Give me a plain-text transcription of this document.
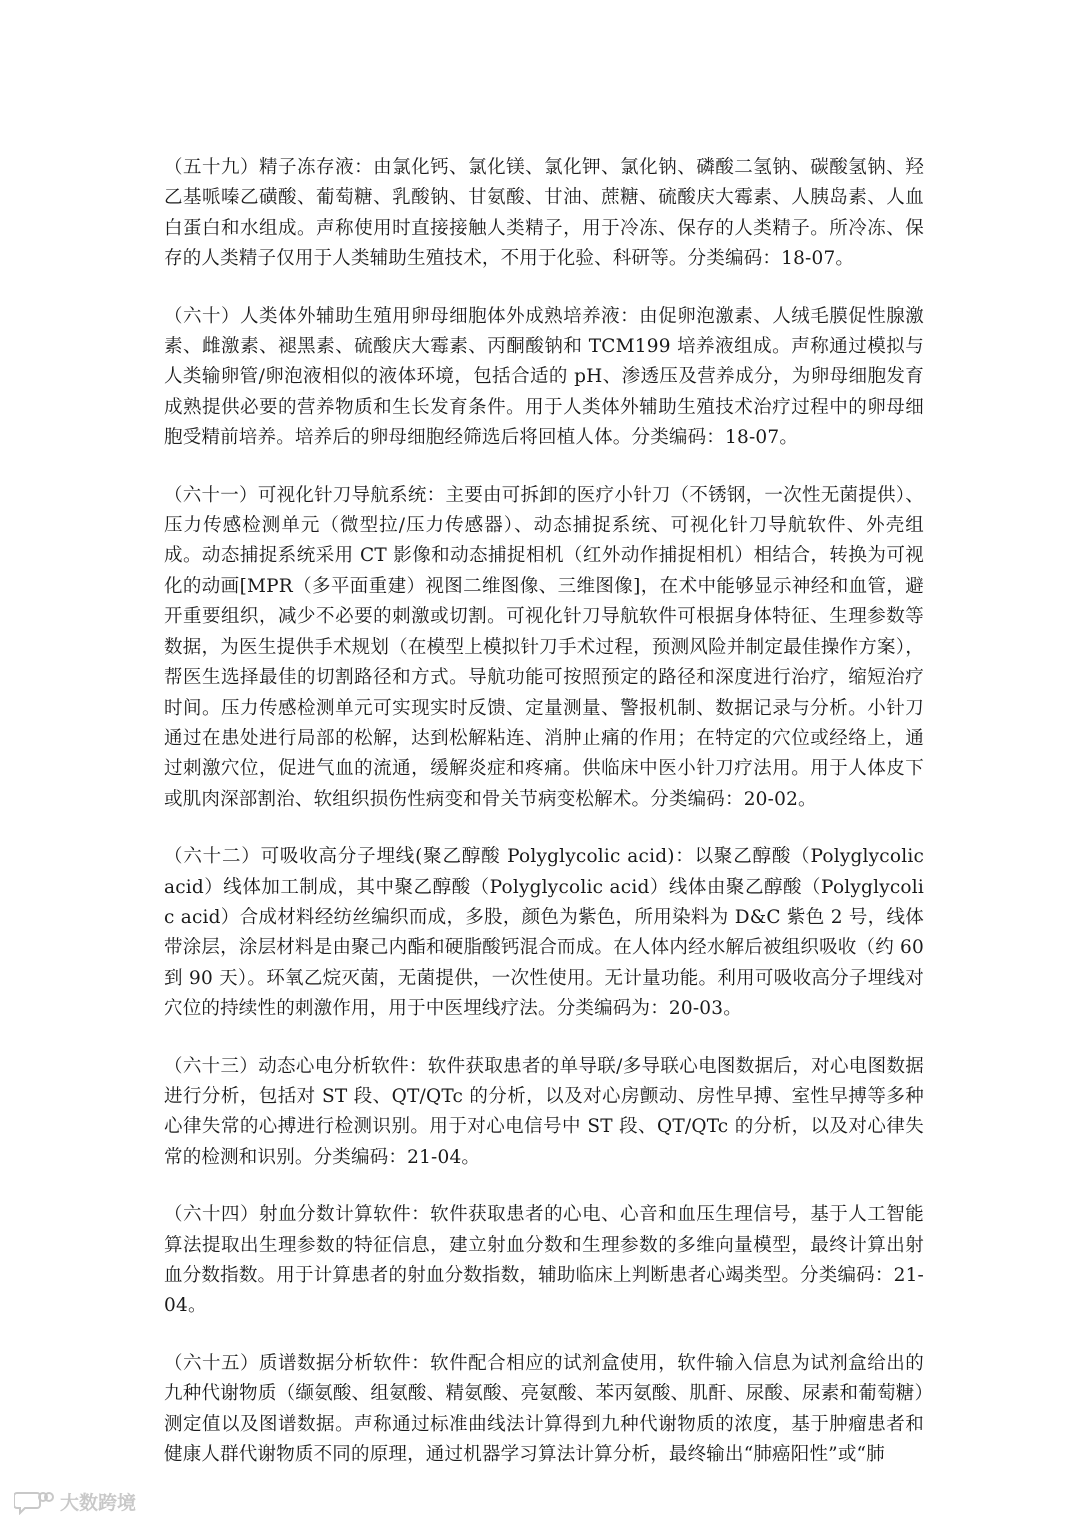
（五十九）精子冻存液：由氯化钙、氯化镁、氯化钾、氯化钠、磷酸二氢钠、碳酸氢钠、羟乙基哌嗪乙磺酸、葡萄糖、乳酸钠、甘氨酸、甘油、蔗糖、硫酸庆大霉素、人胰岛素、人血白蛋白和水组成。声称使用时直接接触人类精子，用于冷冻、保存的人类精子。所冷冻、保存的人类精子仅用于人类辅助生殖技术，不用于化验、科研等。分类编码：18-07。

（六十）人类体外辅助生殖用卵母细胞体外成熟培养液：由促卵泡激素、人绒毛膜促性腺激素、雌激素、褪黑素、硫酸庆大霉素、丙酮酸钠和 TCM199 培养液组成。声称通过模拟与人类输卵管/卵泡液相似的液体环境，包括合适的 pH、渗透压及营养成分，为卵母细胞发育成熟提供必要的营养物质和生长发育条件。用于人类体外辅助生殖技术治疗过程中的卵母细胞受精前培养。培养后的卵母细胞经筛选后将回植人体。分类编码：18-07。

（六十一）可视化针刀导航系统：主要由可拆卸的医疗小针刀（不锈钢，一次性无菌提供）、压力传感检测单元（微型拉/压力传感器）、动态捕捉系统、可视化针刀导航软件、外壳组成。动态捕捉系统采用 CT 影像和动态捕捉相机（红外动作捕捉相机）相结合，转换为可视化的动画[MPR（多平面重建）视图二维图像、三维图像]，在术中能够显示神经和血管，避开重要组织，减少不必要的刺激或切割。可视化针刀导航软件可根据身体特征、生理参数等数据，为医生提供手术规划（在模型上模拟针刀手术过程，预测风险并制定最佳操作方案），帮医生选择最佳的切割路径和方式。导航功能可按照预定的路径和深度进行治疗，缩短治疗时间。压力传感检测单元可实现实时反馈、定量测量、警报机制、数据记录与分析。小针刀通过在患处进行局部的松解，达到松解粘连、消肿止痛的作用；在特定的穴位或经络上，通过刺激穴位，促进气血的流通，缓解炎症和疼痛。供临床中医小针刀疗法用。用于人体皮下或肌肉深部割治、软组织损伤性病变和骨关节病变松解术。分类编码：20-02。

（六十二）可吸收高分子埋线(聚乙醇酸 Polyglycolic acid)：以聚乙醇酸（Polyglycolic acid）线体加工制成，其中聚乙醇酸（Polyglycolic acid）线体由聚乙醇酸（Polyglycolic acid）合成材料经纺丝编织而成，多股，颜色为紫色，所用染料为 D&C 紫色 2 号，线体带涂层，涂层材料是由聚己内酯和硬脂酸钙混合而成。在人体内经水解后被组织吸收（约 60 到 90 天）。环氧乙烷灭菌，无菌提供，一次性使用。无计量功能。利用可吸收高分子埋线对穴位的持续性的刺激作用，用于中医埋线疗法。分类编码为：20-03。

（六十三）动态心电分析软件：软件获取患者的单导联/多导联心电图数据后，对心电图数据进行分析，包括对 ST 段、QT/QTc 的分析，以及对心房颤动、房性早搏、室性早搏等多种心律失常的心搏进行检测识别。用于对心电信号中 ST 段、QT/QTc 的分析，以及对心律失常的检测和识别。分类编码：21-04。

（六十四）射血分数计算软件：软件获取患者的心电、心音和血压生理信号，基于人工智能算法提取出生理参数的特征信息，建立射血分数和生理参数的多维向量模型，最终计算出射血分数指数。用于计算患者的射血分数指数，辅助临床上判断患者心竭类型。分类编码：21-04。

（六十五）质谱数据分析软件：软件配合相应的试剂盒使用，软件输入信息为试剂盒给出的九种代谢物质（缬氨酸、组氨酸、精氨酸、亮氨酸、苯丙氨酸、肌酐、尿酸、尿素和葡萄糖）测定值以及图谱数据。声称通过标准曲线法计算得到九种代谢物质的浓度，基于肿瘤患者和健康人群代谢物质不同的原理，通过机器学习算法计算分析，最终输出“肺癌阳性”或“肺

大数跨境
